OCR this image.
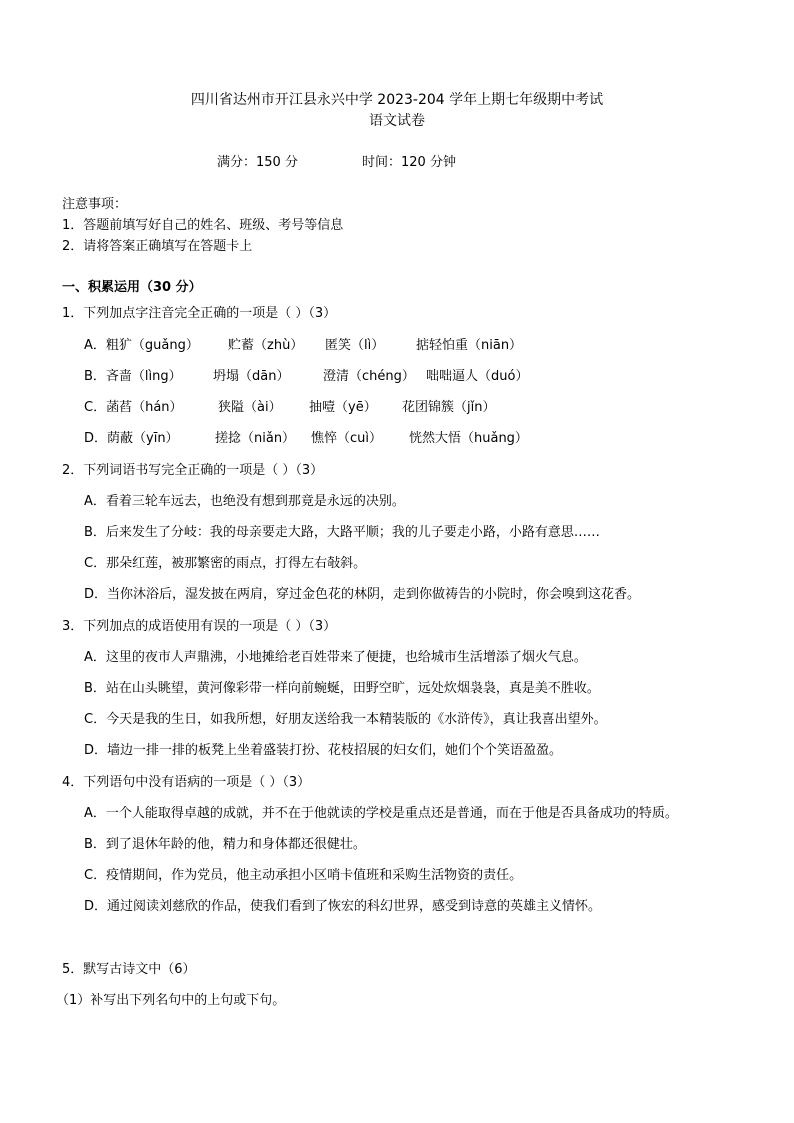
四川省达州市开江县永兴中学 2023-204 学年上期七年级期中考试
语文试卷
满分：150 分	时间：120 分钟
注意事项：
1．答题前填写好自己的姓名、班级、考号等信息
2．请将答案正确填写在答题卡上
一、积累运用（30 分）
1．下列加点字注音完全正确的一项是（ ）（3）
A．粗犷（guǎng） 贮蓄（zhù） 匿笑（lì） 掂轻怕重（niān）
B．吝啬（lìng） 坍塌（dān）	澄清（chéng） 咄咄逼人（duó）
C．菡萏（hán）	狭隘（ài） 抽噎（yē） 花团锦簇（jǐn）
D．荫蔽（yīn）	搓捻（niǎn） 憔悴（cuì） 恍然大悟（huǎng）
2．下列词语书写完全正确的一项是（ ）（3）
A．看着三轮车远去，也绝没有想到那竟是永远的决别。
B．后来发生了分岐：我的母亲要走大路，大路平顺；我的儿子要走小路，小路有意思……
C．那朵红莲，被那繁密的雨点，打得左右敧斜。
D．当你沐浴后，湿发披在两肩，穿过金色花的林阴，走到你做祷告的小院时，你会嗅到这花香。
3．下列加点的成语使用有误的一项是（ ）（3）
A．这里的夜市人声鼎沸，小地摊给老百姓带来了便捷，也给城市生活增添了烟火气息。
B．站在山头眺望，黄河像彩带一样向前蜿蜒，田野空旷，远处炊烟袅袅，真是美不胜收。
C．今天是我的生日，如我所想，好朋友送给我一本精装版的《水浒传》，真让我喜出望外。
D．墙边一排一排的板凳上坐着盛装打扮、花枝招展的妇女们，她们个个笑语盈盈。
4．下列语句中没有语病的一项是（ ）（3）
A．一个人能取得卓越的成就，并不在于他就读的学校是重点还是普通，而在于他是否具备成功的特质。
B．到了退休年龄的他，精力和身体都还很健壮。
C．疫情期间，作为党员，他主动承担小区哨卡值班和采购生活物资的责任。
D．通过阅读刘慈欣的作品，使我们看到了恢宏的科幻世界，感受到诗意的英雄主义情怀。
5．默写古诗文中（6）
（1）补写出下列名句中的上句或下句。
